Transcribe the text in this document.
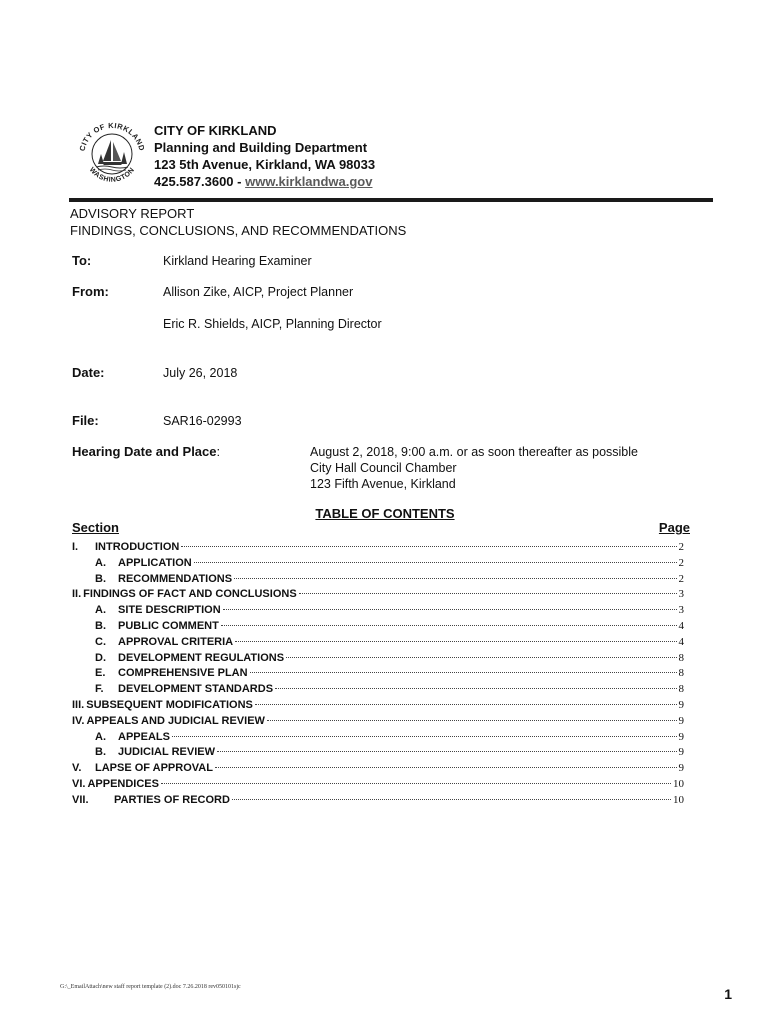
CITY OF KIRKLAND
WASHINGTON
CITY OF KIRKLAND
Planning and Building Department
123 5th Avenue, Kirkland, WA 98033
425.587.3600 - www.kirklandwa.gov
ADVISORY REPORT
FINDINGS, CONCLUSIONS, AND RECOMMENDATIONS
To:	Kirkland Hearing Examiner
From:	Allison Zike, AICP, Project Planner
Eric R. Shields, AICP, Planning Director
Date:	July 26, 2018
File:	SAR16-02993
Hearing Date and Place:	August 2, 2018, 9:00 a.m. or as soon thereafter as possible
City Hall Council Chamber
123 Fifth Avenue, Kirkland
TABLE OF CONTENTS
Section	Page
I.	INTRODUCTION	2
A.	APPLICATION	2
B.	RECOMMENDATIONS	2
II. FINDINGS OF FACT AND CONCLUSIONS	3
A.	SITE DESCRIPTION	3
B.	PUBLIC COMMENT	4
C.	APPROVAL CRITERIA	4
D.	DEVELOPMENT REGULATIONS	8
E.	COMPREHENSIVE PLAN	8
F.	DEVELOPMENT STANDARDS	8
III. SUBSEQUENT MODIFICATIONS	9
IV. APPEALS AND JUDICIAL REVIEW	9
A.	APPEALS	9
B.	JUDICIAL REVIEW	9
V.	LAPSE OF APPROVAL	9
VI. APPENDICES	10
VII.	PARTIES OF RECORD	10
G:\_EmailAttach\new staff report template (2).doc 7.26.2018 rev050101sjc	1
